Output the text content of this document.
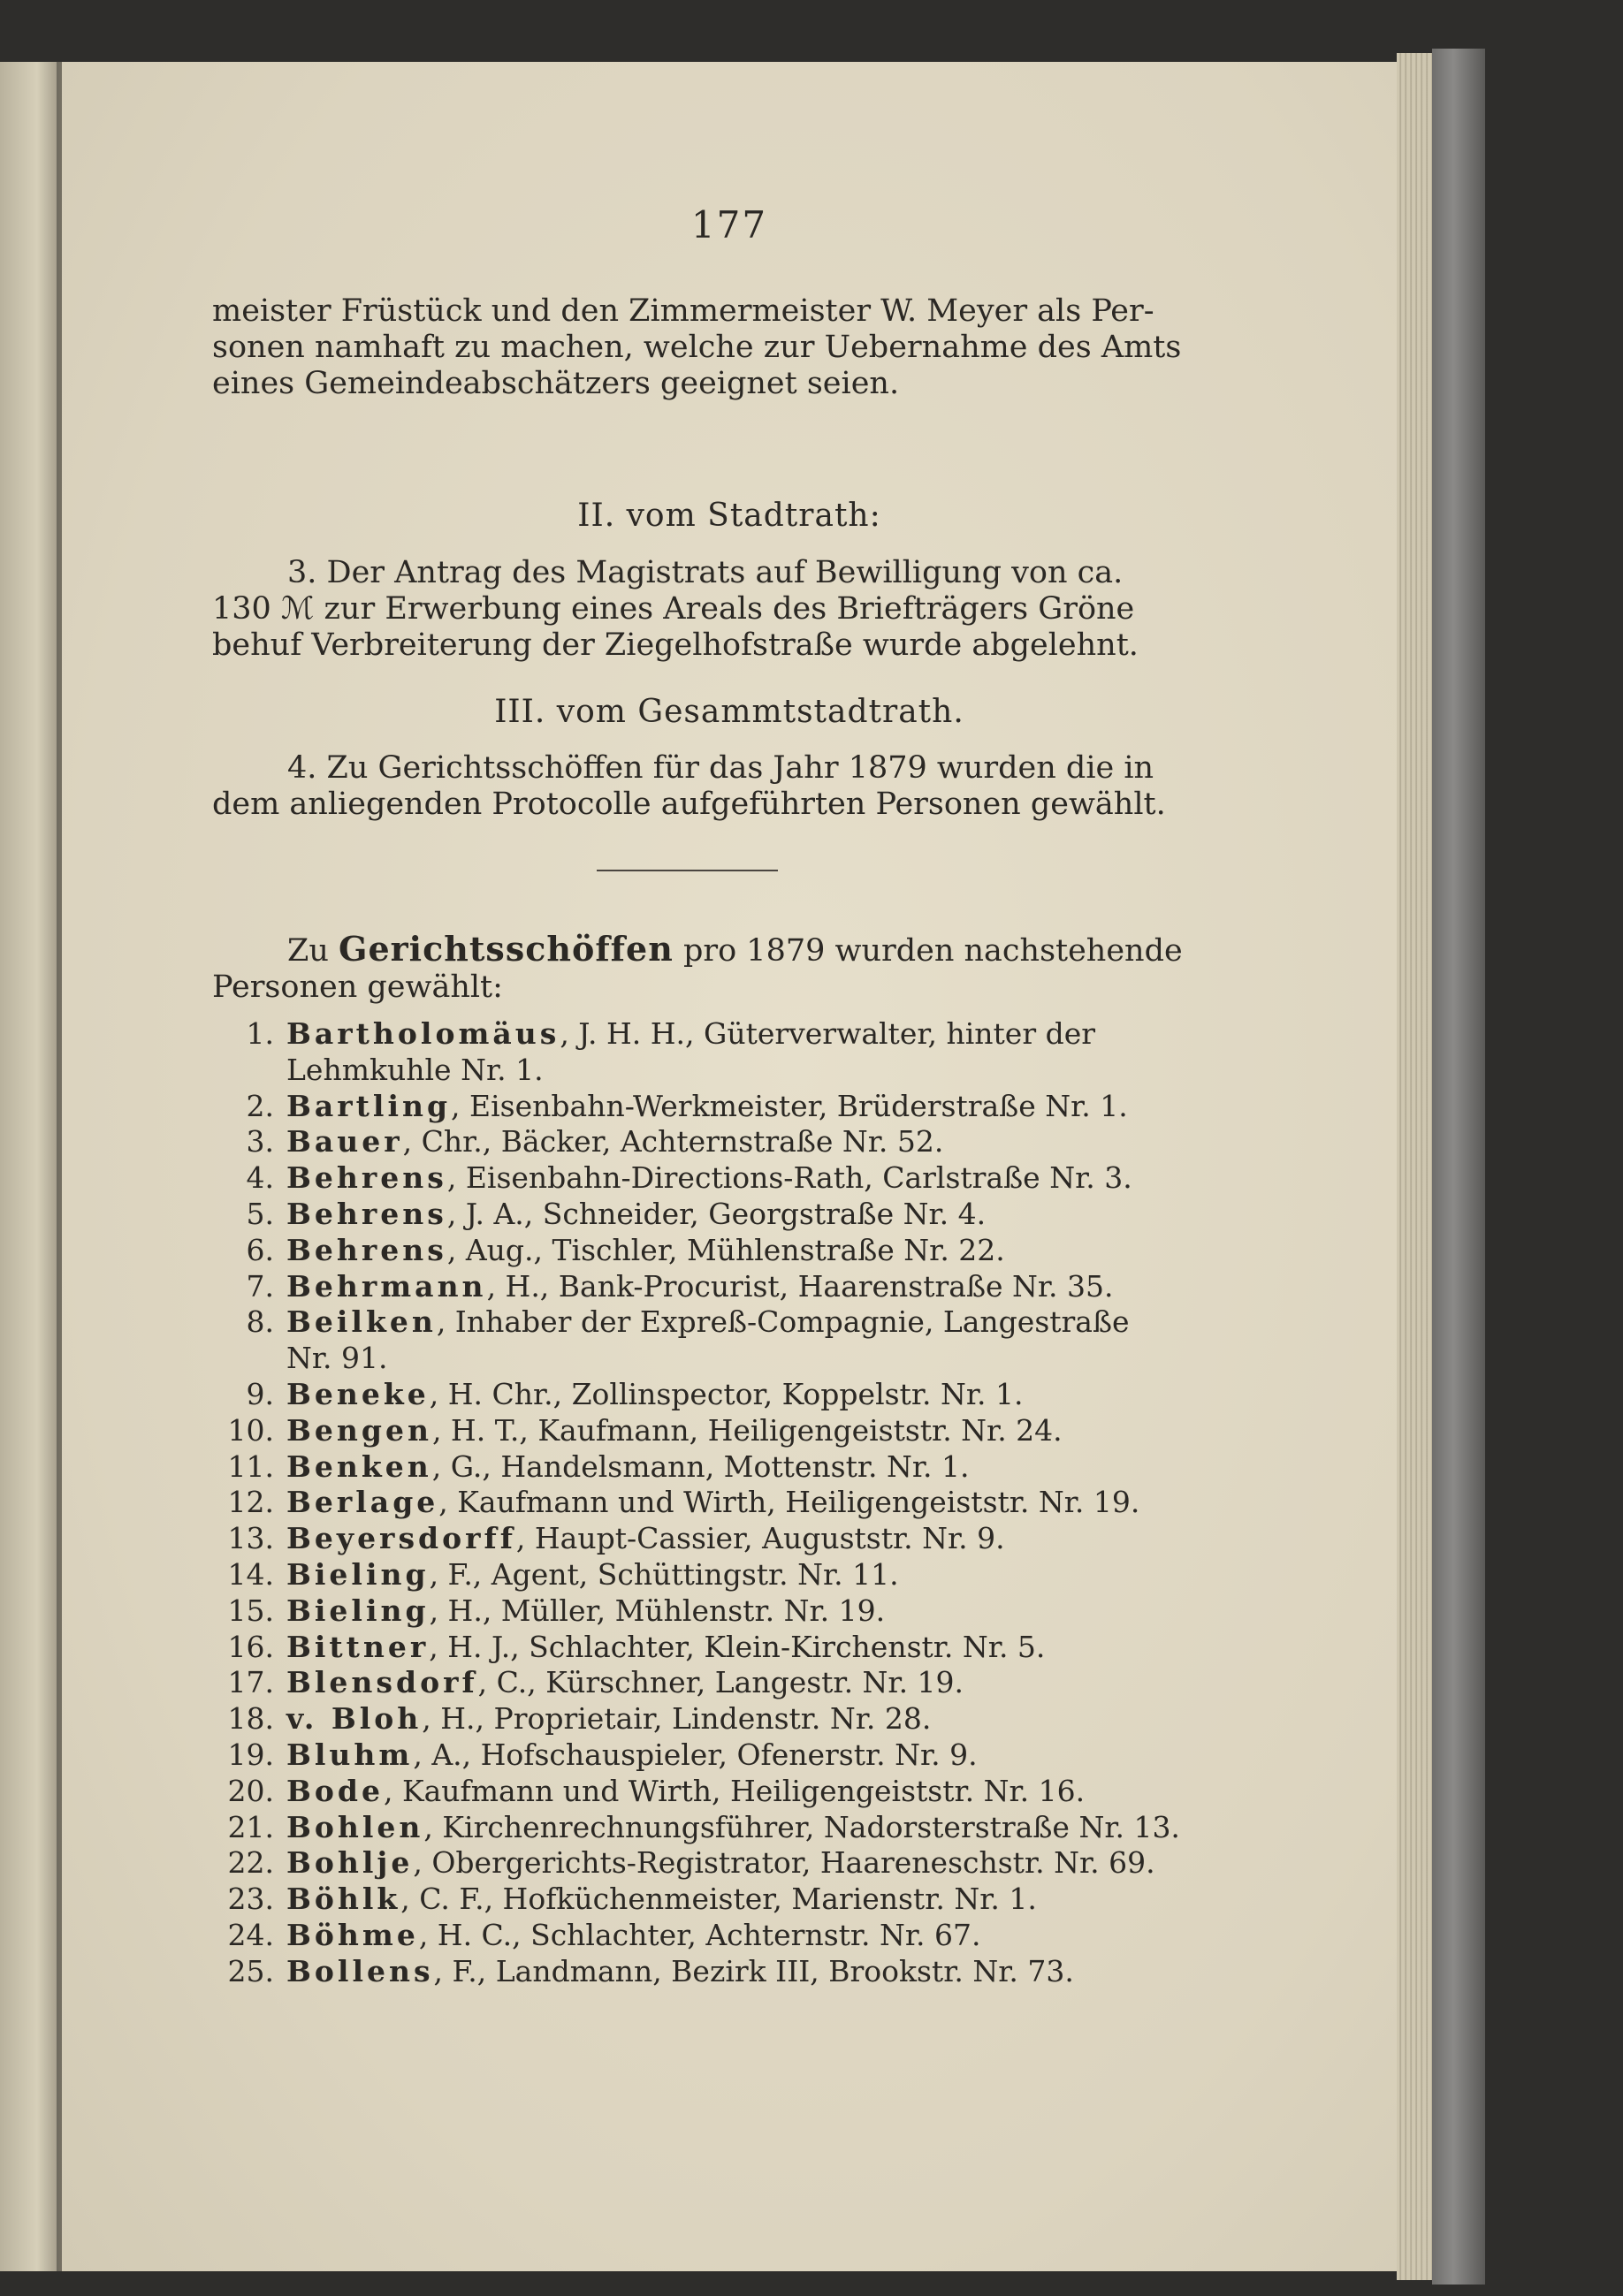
177
meister Früstück und den Zimmermeister W. Meyer als Per-
sonen namhaft zu machen, welche zur Uebernahme des Amts
eines Gemeindeabschätzers geeignet seien.
II. vom Stadtrath:
3. Der Antrag des Magistrats auf Bewilligung von ca.
130 ℳ zur Erwerbung eines Areals des Briefträgers Gröne
behuf Verbreiterung der Ziegelhofstraße wurde abgelehnt.
III. vom Gesammtstadtrath.
4. Zu Gerichtsschöffen für das Jahr 1879 wurden die in
dem anliegenden Protocolle aufgeführten Personen gewählt.
Zu Gerichtsschöffen pro 1879 wurden nachstehende
Personen gewählt:
1. Bartholomäus, J. H. H., Güterverwalter, hinter der
Lehmkuhle Nr. 1.
2. Bartling, Eisenbahn-Werkmeister, Brüderstraße Nr. 1.
3. Bauer, Chr., Bäcker, Achternstraße Nr. 52.
4. Behrens, Eisenbahn-Directions-Rath, Carlstraße Nr. 3.
5. Behrens, J. A., Schneider, Georgstraße Nr. 4.
6. Behrens, Aug., Tischler, Mühlenstraße Nr. 22.
7. Behrmann, H., Bank-Procurist, Haarenstraße Nr. 35.
8. Beilken, Inhaber der Expreß-Compagnie, Langestraße
Nr. 91.
9. Beneke, H. Chr., Zollinspector, Koppelstr. Nr. 1.
10. Bengen, H. T., Kaufmann, Heiligengeiststr. Nr. 24.
11. Benken, G., Handelsmann, Mottenstr. Nr. 1.
12. Berlage, Kaufmann und Wirth, Heiligengeiststr. Nr. 19.
13. Beyersdorff, Haupt-Cassier, Auguststr. Nr. 9.
14. Bieling, F., Agent, Schüttingstr. Nr. 11.
15. Bieling, H., Müller, Mühlenstr. Nr. 19.
16. Bittner, H. J., Schlachter, Klein-Kirchenstr. Nr. 5.
17. Blensdorf, C., Kürschner, Langestr. Nr. 19.
18. v. Bloh, H., Proprietair, Lindenstr. Nr. 28.
19. Bluhm, A., Hofschauspieler, Ofenerstr. Nr. 9.
20. Bode, Kaufmann und Wirth, Heiligengeiststr. Nr. 16.
21. Bohlen, Kirchenrechnungsführer, Nadorsterstraße Nr. 13.
22. Bohlje, Obergerichts-Registrator, Haareneschstr. Nr. 69.
23. Böhlk, C. F., Hofküchenmeister, Marienstr. Nr. 1.
24. Böhme, H. C., Schlachter, Achternstr. Nr. 67.
25. Bollens, F., Landmann, Bezirk III, Brookstr. Nr. 73.
